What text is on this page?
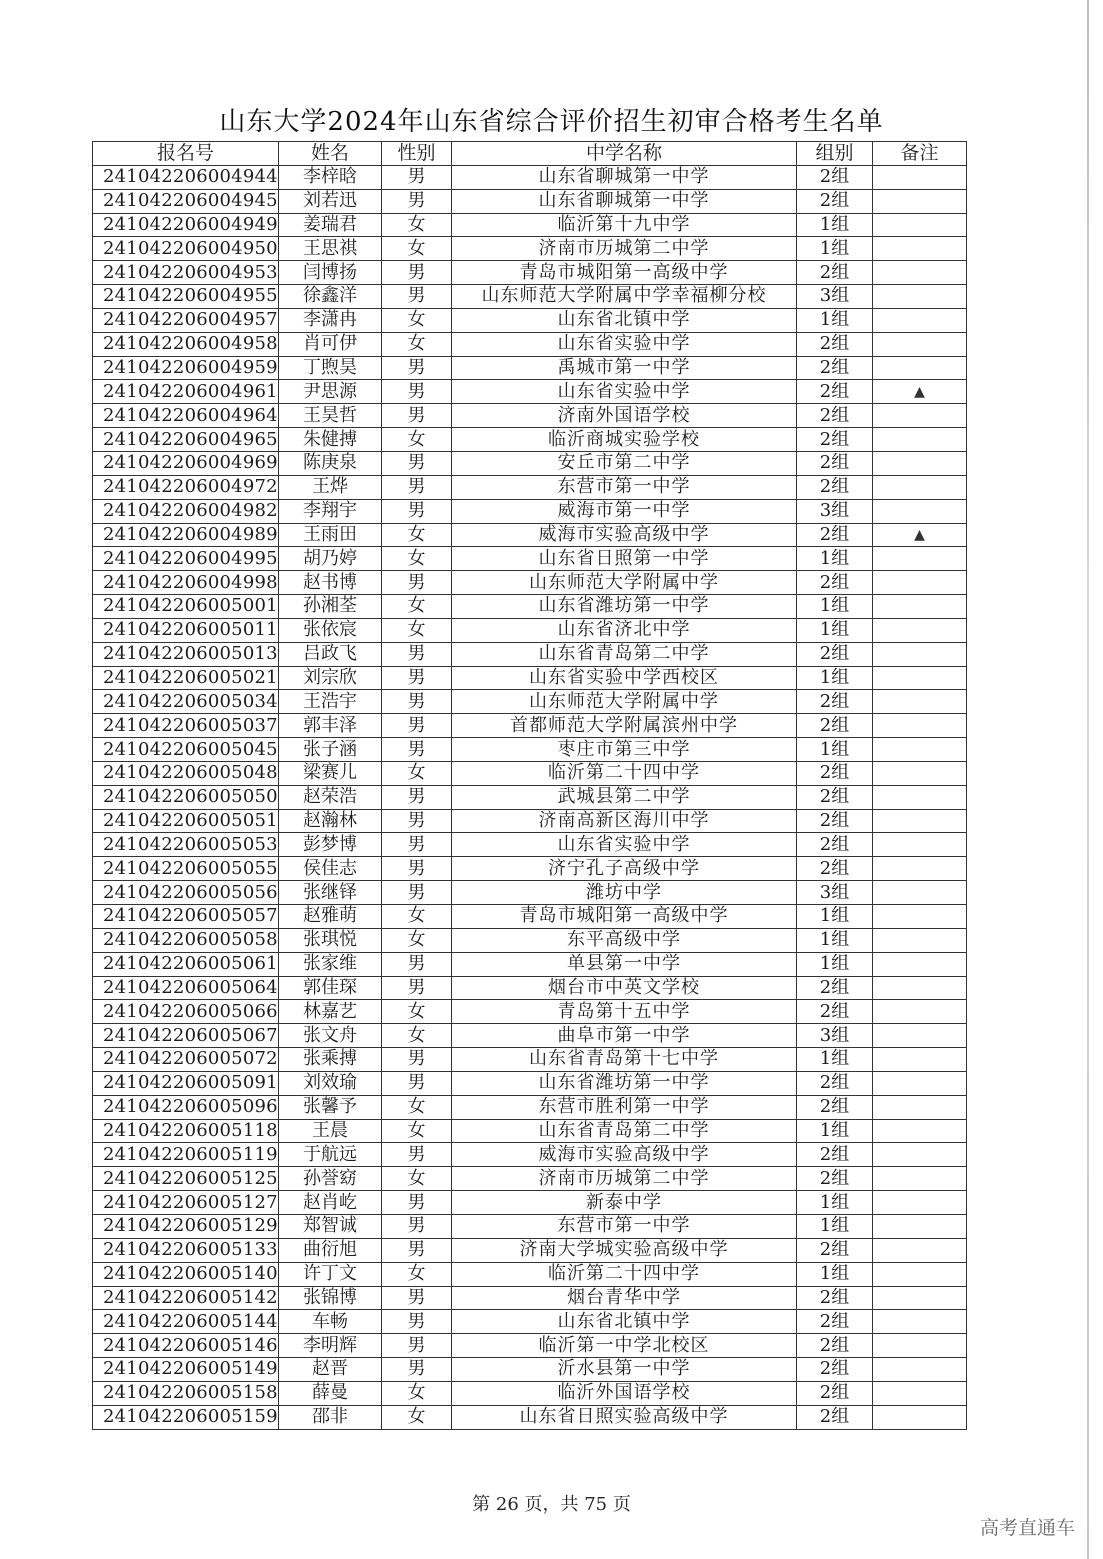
山东大学2024年山东省综合评价招生初审合格考生名单
报名号	姓名	性别	中学名称	组别	备注
241042206004944	李梓晗	男	山东省聊城第一中学	2组	
241042206004945	刘若迅	男	山东省聊城第一中学	2组	
241042206004949	姜瑞君	女	临沂第十九中学	1组	
241042206004950	王思祺	女	济南市历城第二中学	1组	
241042206004953	闫博扬	男	青岛市城阳第一高级中学	2组	
241042206004955	徐鑫洋	男	山东师范大学附属中学幸福柳分校	3组	
241042206004957	李潇冉	女	山东省北镇中学	1组	
241042206004958	肖可伊	女	山东省实验中学	2组	
241042206004959	丁煦昊	男	禹城市第一中学	2组	
241042206004961	尹思源	男	山东省实验中学	2组	▲
241042206004964	王昊哲	男	济南外国语学校	2组	
241042206004965	朱健搏	女	临沂商城实验学校	2组	
241042206004969	陈庚泉	男	安丘市第二中学	2组	
241042206004972	王烨	男	东营市第一中学	2组	
241042206004982	李翔宇	男	威海市第一中学	3组	
241042206004989	王雨田	女	威海市实验高级中学	2组	▲
241042206004995	胡乃婷	女	山东省日照第一中学	1组	
241042206004998	赵书博	男	山东师范大学附属中学	2组	
241042206005001	孙湘荃	女	山东省潍坊第一中学	1组	
241042206005011	张依宸	女	山东省济北中学	1组	
241042206005013	吕政飞	男	山东省青岛第二中学	2组	
241042206005021	刘宗欣	男	山东省实验中学西校区	1组	
241042206005034	王浩宇	男	山东师范大学附属中学	2组	
241042206005037	郭丰泽	男	首都师范大学附属滨州中学	2组	
241042206005045	张子涵	男	枣庄市第三中学	1组	
241042206005048	梁赛儿	女	临沂第二十四中学	2组	
241042206005050	赵荣浩	男	武城县第二中学	2组	
241042206005051	赵瀚林	男	济南高新区海川中学	2组	
241042206005053	彭梦博	男	山东省实验中学	2组	
241042206005055	侯佳志	男	济宁孔子高级中学	2组	
241042206005056	张继铎	男	潍坊中学	3组	
241042206005057	赵雅萌	女	青岛市城阳第一高级中学	1组	
241042206005058	张琪悦	女	东平高级中学	1组	
241042206005061	张家维	男	单县第一中学	1组	
241042206005064	郭佳琛	男	烟台市中英文学校	2组	
241042206005066	林嘉艺	女	青岛第十五中学	2组	
241042206005067	张文舟	女	曲阜市第一中学	3组	
241042206005072	张乘搏	男	山东省青岛第十七中学	1组	
241042206005091	刘效瑜	男	山东省潍坊第一中学	2组	
241042206005096	张馨予	女	东营市胜利第一中学	2组	
241042206005118	王晨	女	山东省青岛第二中学	1组	
241042206005119	于航远	男	威海市实验高级中学	2组	
241042206005125	孙誉窈	女	济南市历城第二中学	2组	
241042206005127	赵肖屹	男	新泰中学	1组	
241042206005129	郑智诚	男	东营市第一中学	1组	
241042206005133	曲衍旭	男	济南大学城实验高级中学	2组	
241042206005140	许丁文	女	临沂第二十四中学	1组	
241042206005142	张锦博	男	烟台青华中学	2组	
241042206005144	车畅	男	山东省北镇中学	2组	
241042206005146	李明辉	男	临沂第一中学北校区	2组	
241042206005149	赵晋	男	沂水县第一中学	2组	
241042206005158	薛曼	女	临沂外国语学校	2组	
241042206005159	邵非	女	山东省日照实验高级中学	2组	
第 26 页，共 75 页
高考直通车
